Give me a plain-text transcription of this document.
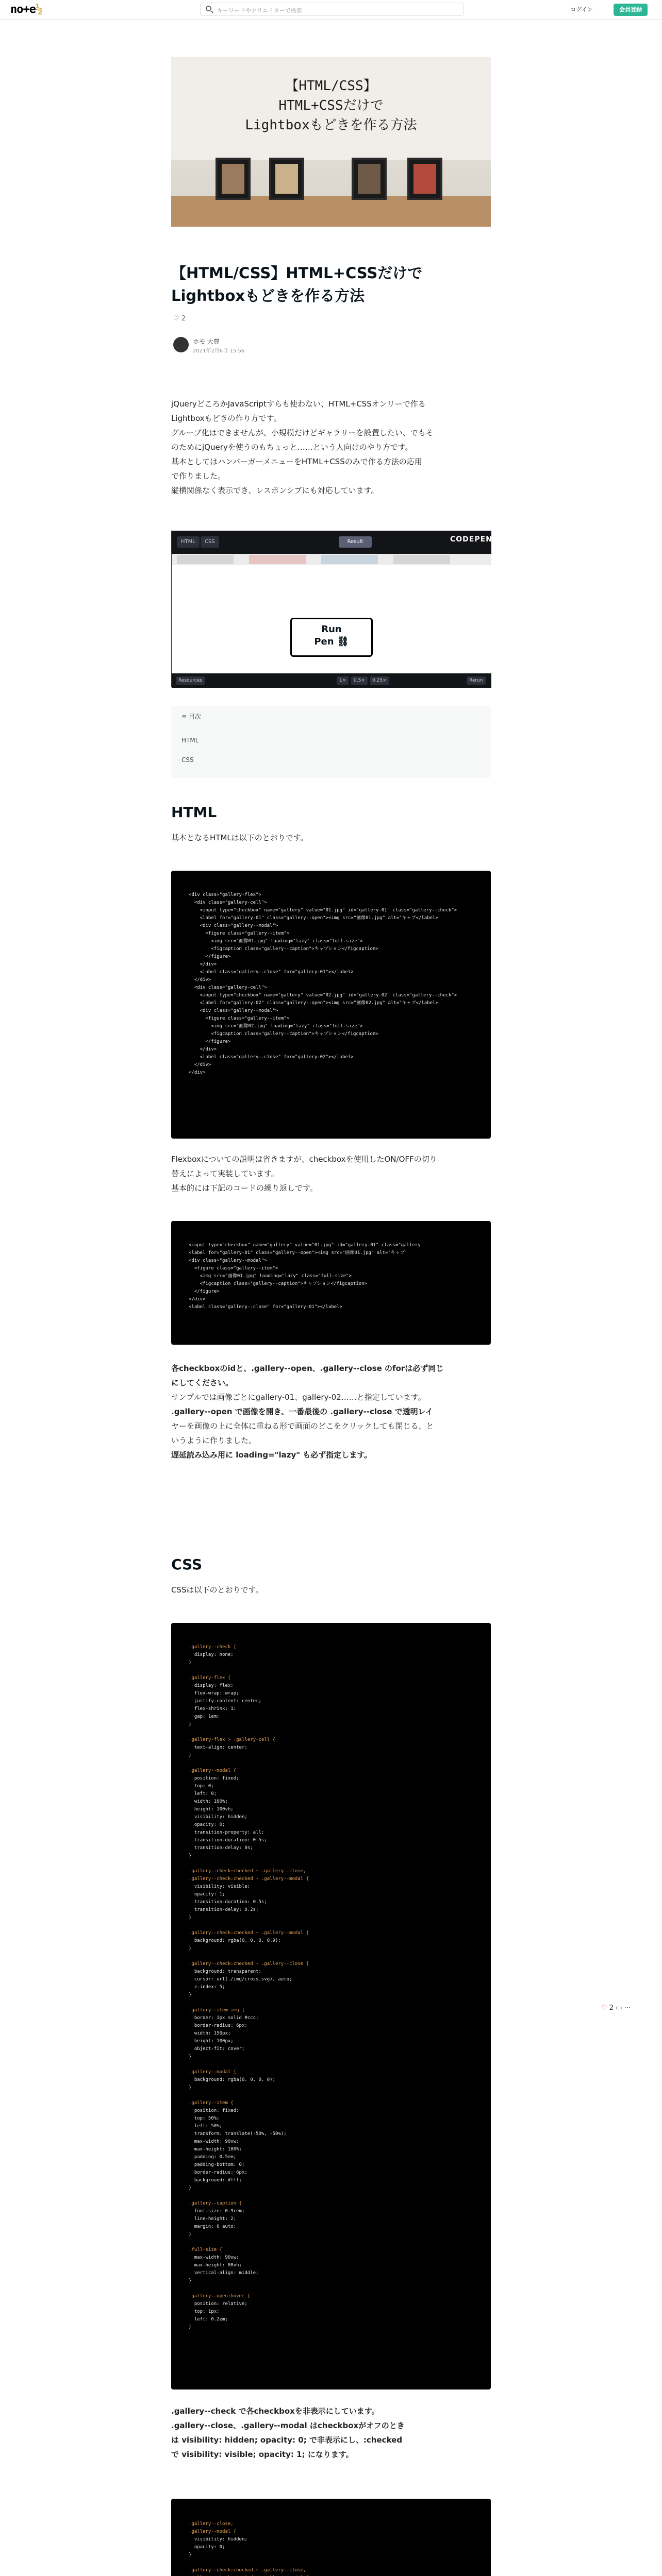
no+e½	キーワードやクリエイターで検索	ログイン	会員登録
【HTML/CSS】
HTML+CSSだけで
Lightboxもどきを作る方法
【HTML/CSS】HTML+CSSだけで
Lightboxもどきを作る方法
♡ 2
ホモ 大豊
2021年2月6日 15:56
jQueryどころかJavaScriptすらも使わない、HTML+CSSオンリーで作る
Lightboxもどきの作り方です。
グループ化はできませんが、小規模だけどギャラリーを設置したい、でもそ
のためにjQueryを使うのもちょっと……という人向けのやり方です。
基本としてはハンバーガーメニューをHTML+CSSのみで作る方法の応用
で作りました。
縦横関係なく表示でき、レスポンシブにも対応しています。
HTML	CSS	Result	CODEPEN
Run
Pen ⛓
Resources	1×	0.5×	0.25×	Rerun
≡ 目次
HTML
CSS
HTML
基本となるHTMLは以下のとおりです。
<div class="gallery-flex">
<div class="gallery-cell">
<input type="checkbox" name="gallery" value="01.jpg" id="gallery-01" class="gallery--check">
<label for="gallery-01" class="gallery--open"><img src="画像01.jpg" alt="キャプ</label>
<div class="gallery--modal">
<figure class="gallery--item">
<img src="画像01.jpg" loading="lazy" class="full-size">
<figcaption class="gallery--caption">キャプション</figcaption>
</figure>
</div>
<label class="gallery--close" for="gallery-01"></label>
</div>
<div class="gallery-cell">
<input type="checkbox" name="gallery" value="02.jpg" id="gallery-02" class="gallery--check">
<label for="gallery-02" class="gallery--open"><img src="画像02.jpg" alt="キャプ</label>
<div class="gallery--modal">
<figure class="gallery--item">
<img src="画像02.jpg" loading="lazy" class="full-size">
<figcaption class="gallery--caption">キャプション</figcaption>
</figure>
</div>
<label class="gallery--close" for="gallery-02"></label>
</div>
</div>
Flexboxについての説明は省きますが、checkboxを使用したON/OFFの切り
替えによって実装しています。
基本的には下記のコードの繰り返しです。
<input type="checkbox" name="gallery" value="01.jpg" id="gallery-01" class="gallery
<label for="gallery-01" class="gallery--open"><img src="画像01.jpg" alt="キャプ
<div class="gallery--modal">
<figure class="gallery--item">
<img src="画像01.jpg" loading="lazy" class="full-size">
<figcaption class="gallery--caption">キャプション</figcaption>
</figure>
</div>
<label class="gallery--close" for="gallery-01"></label>
各checkboxのidと、.gallery--open、.gallery--close のforは必ず同じ
にしてください。
サンプルでは画像ごとにgallery-01、gallery-02……と指定しています。
.gallery--open で画像を開き、一番最後の .gallery--close で透明レイ
ヤーを画像の上に全体に重ねる形で画面のどこをクリックしても閉じる、と
いうように作りました。
遅延読み込み用に loading="lazy" も必ず指定します。
CSS
CSSは以下のとおりです。
.gallery--check {
display: none;
}

.gallery-flex {
display: flex;
flex-wrap: wrap;
justify-content: center;
flex-shrink: 1;
gap: 1em;
}

.gallery-flex > .gallery-cell {
text-align: center;
}

.gallery--modal {
position: fixed;
top: 0;
left: 0;
width: 100%;
height: 100vh;
visibility: hidden;
opacity: 0;
transition-property: all;
transition-duration: 0.5s;
transition-delay: 0s;
}

.gallery--check:checked ~ .gallery--close,
.gallery--check:checked ~ .gallery--modal {
visibility: visible;
opacity: 1;
transition-duration: 0.5s;
transition-delay: 0.2s;
}

.gallery--check:checked ~ .gallery--modal {
background: rgba(0, 0, 0, 0.9);
}

.gallery--check:checked ~ .gallery--close {
background: transparent;
cursor: url(./img/cross.svg), auto;
z-index: 5;
}

.gallery--item img {
border: 1px solid #ccc;
border-radius: 6px;
width: 150px;
height: 100px;
object-fit: cover;
}

.gallery--modal {
background: rgba(0, 0, 0, 0);
}

.gallery--item {
position: fixed;
top: 50%;
left: 50%;
transform: translate(-50%, -50%);
max-width: 90vw;
max-height: 100%;
padding: 0.5em;
padding-bottom: 0;
border-radius: 6px;
background: #fff;
}

.gallery--caption {
font-size: 0.9rem;
line-height: 2;
margin: 0 auto;
}

.full-size {
max-width: 90vw;
max-height: 80vh;
vertical-align: middle;
}

.gallery--open:hover {
position: relative;
top: 1px;
left: 0.2em;
}
.gallery--check で各checkboxを非表示にしています。
.gallery--close、.gallery--modal はcheckboxがオフのとき
は visibility: hidden; opacity: 0; で非表示にし、:checked
で visibility: visible; opacity: 1; になります。
.gallery--close,
.gallery--modal {
visibility: hidden;
opacity: 0;
}

.gallery--check:checked ~ .gallery--close,
♡ 2 ▭ ⋯
